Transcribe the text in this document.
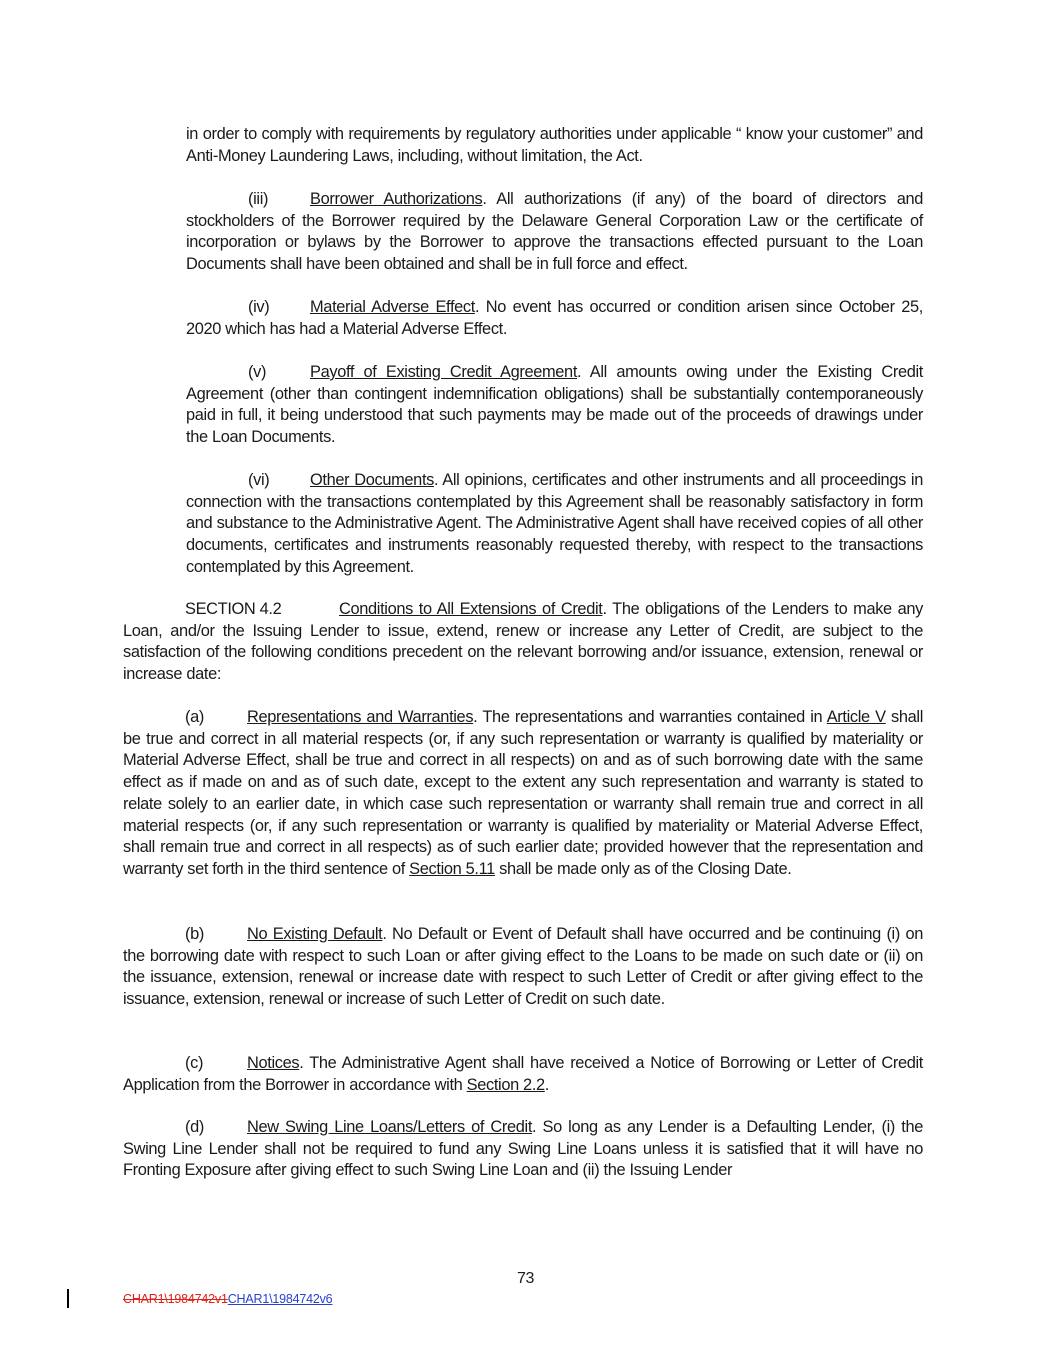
in order to comply with requirements by regulatory authorities under applicable “ know your customer” and Anti-Money Laundering Laws, including, without limitation, the Act.

(iii)	Borrower Authorizations. All authorizations (if any) of the board of directors and stockholders of the Borrower required by the Delaware General Corporation Law or the certificate of incorporation or bylaws by the Borrower to approve the transactions effected pursuant to the Loan Documents shall have been obtained and shall be in full force and effect.

(iv) Material Adverse Effect. No event has occurred or condition arisen since October 25, 2020 which has had a Material Adverse Effect.

(v)	Payoff of Existing Credit Agreement. All amounts owing under the Existing Credit Agreement (other than contingent indemnification obligations) shall be substantially contemporaneously paid in full, it being understood that such payments may be made out of the proceeds of drawings under the Loan Documents.

(vi) Other Documents. All opinions, certificates and other instruments and all proceedings in connection with the transactions contemplated by this Agreement shall be reasonably satisfactory in form and substance to the Administrative Agent. The Administrative Agent shall have received copies of all other documents, certificates and instruments reasonably requested thereby, with respect to the transactions contemplated by this Agreement.

SECTION 4.2	Conditions to All Extensions of Credit. The obligations of the Lenders to make any Loan, and/or the Issuing Lender to issue, extend, renew or increase any Letter of Credit, are subject to the satisfaction of the following conditions precedent on the relevant borrowing and/or issuance, extension, renewal or increase date:

(a)	Representations and Warranties. The representations and warranties contained in Article V shall be true and correct in all material respects (or, if any such representation or warranty is qualified by materiality or Material Adverse Effect, shall be true and correct in all respects) on and as of such borrowing date with the same effect as if made on and as of such date, except to the extent any such representation and warranty is stated to relate solely to an earlier date, in which case such representation or warranty shall remain true and correct in all material respects (or, if any such representation or warranty is qualified by materiality or Material Adverse Effect, shall remain true and correct in all respects) as of such earlier date; provided however that the representation and warranty set forth in the third sentence of Section 5.11 shall be made only as of the Closing Date.

(b)	No Existing Default. No Default or Event of Default shall have occurred and be continuing (i) on the borrowing date with respect to such Loan or after giving effect to the Loans to be made on such date or (ii) on the issuance, extension, renewal or increase date with respect to such Letter of Credit or after giving effect to the issuance, extension, renewal or increase of such Letter of Credit on such date.

(c)	Notices. The Administrative Agent shall have received a Notice of Borrowing or Letter of Credit Application from the Borrower in accordance with Section 2.2.

(d)	New Swing Line Loans/Letters of Credit. So long as any Lender is a Defaulting Lender, (i) the Swing Line Lender shall not be required to fund any Swing Line Loans unless it is satisfied that it will have no Fronting Exposure after giving effect to such Swing Line Loan and (ii) the Issuing Lender

73
CHAR1\1984742v1CHAR1\1984742v6
